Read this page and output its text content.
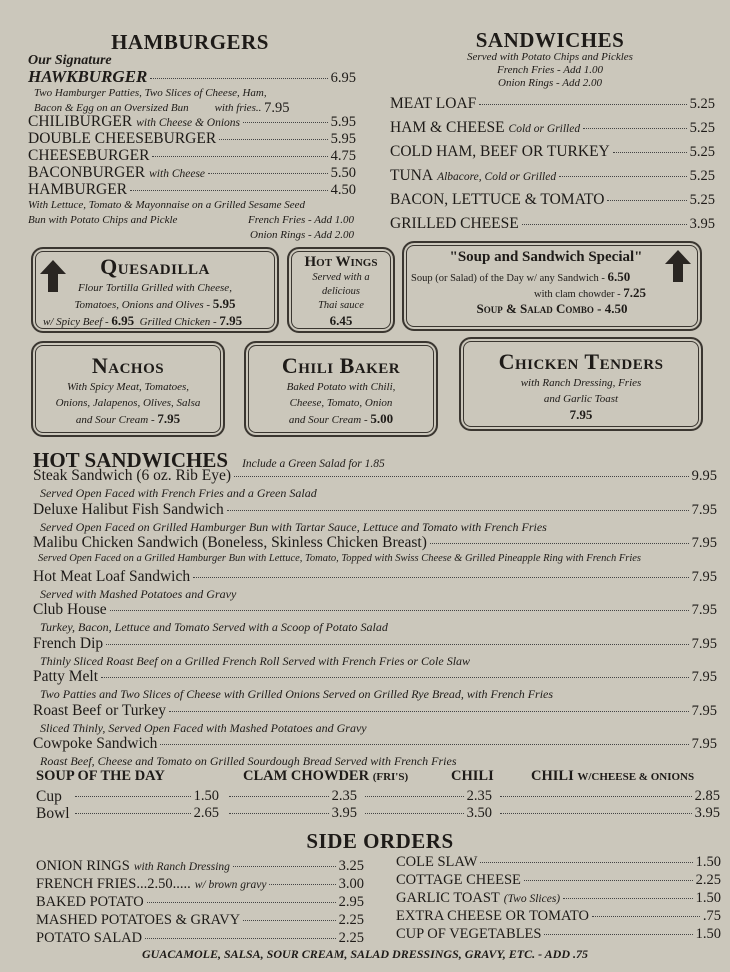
HAMBURGERS
Our Signature
HAWKBURGER	6.95
Two Hamburger Patties, Two Slices of Cheese, Ham,
Bacon & Egg on an Oversized Bun with fries .. 7.95
CHILIBURGER with Cheese & Onions	5.95
DOUBLE CHEESEBURGER	5.95
CHEESEBURGER	4.75
BACONBURGER with Cheese	5.50
HAMBURGER	4.50
With Lettuce, Tomato & Mayonnaise on a Grilled Sesame Seed
Bun with Potato Chips and Pickle	French Fries - Add 1.00
Onion Rings - Add 2.00
SANDWICHES
Served with Potato Chips and Pickles
French Fries - Add 1.00
Onion Rings - Add 2.00
MEAT LOAF	5.25
HAM & CHEESE Cold or Grilled	5.25
COLD HAM, BEEF OR TURKEY	5.25
TUNA Albacore, Cold or Grilled	5.25
BACON, LETTUCE & TOMATO	5.25
GRILLED CHEESE	3.95
Quesadilla
Flour Tortilla Grilled with Cheese,
Tomatoes, Onions and Olives - 5.95
w/ Spicy Beef - 6.95 Grilled Chicken - 7.95
Hot Wings
Served with a
delicious
Thai sauce
6.45
"Soup and Sandwich Special"
Soup (or Salad) of the Day w/ any Sandwich - 6.50
with clam chowder - 7.25
Soup & Salad Combo - 4.50
Nachos
With Spicy Meat, Tomatoes,
Onions, Jalapenos, Olives, Salsa
and Sour Cream - 7.95
Chili Baker
Baked Potato with Chili,
Cheese, Tomato, Onion
and Sour Cream - 5.00
Chicken Tenders
with Ranch Dressing, Fries
and Garlic Toast
7.95
HOT SANDWICHES Include a Green Salad for 1.85
Steak Sandwich (6 oz. Rib Eye)	9.95
Served Open Faced with French Fries and a Green Salad
Deluxe Halibut Fish Sandwich	7.95
Served Open Faced on Grilled Hamburger Bun with Tartar Sauce, Lettuce and Tomato with French Fries
Malibu Chicken Sandwich (Boneless, Skinless Chicken Breast)	7.95
Served Open Faced on a Grilled Hamburger Bun with Lettuce, Tomato, Topped with Swiss Cheese & Grilled Pineapple Ring with French Fries
Hot Meat Loaf Sandwich	7.95
Served with Mashed Potatoes and Gravy
Club House	7.95
Turkey, Bacon, Lettuce and Tomato Served with a Scoop of Potato Salad
French Dip	7.95
Thinly Sliced Roast Beef on a Grilled French Roll Served with French Fries or Cole Slaw
Patty Melt	7.95
Two Patties and Two Slices of Cheese with Grilled Onions Served on Grilled Rye Bread, with French Fries
Roast Beef or Turkey	7.95
Sliced Thinly, Served Open Faced with Mashed Potatoes and Gravy
Cowpoke Sandwich	7.95
Roast Beef, Cheese and Tomato on Grilled Sourdough Bread Served with French Fries
SOUP OF THE DAY	CLAM CHOWDER (FRI'S)	CHILI	CHILI W/CHEESE & ONIONS
Cup	1.50	2.35	2.35	2.85
Bowl	2.65	3.95	3.50	3.95
SIDE ORDERS
ONION RINGS with Ranch Dressing	3.25
FRENCH FRIES...2.50..... w/ brown gravy	3.00
BAKED POTATO	2.95
MASHED POTATOES & GRAVY	2.25
POTATO SALAD	2.25
COLE SLAW	1.50
COTTAGE CHEESE	2.25
GARLIC TOAST (Two Slices)	1.50
EXTRA CHEESE OR TOMATO	.75
CUP OF VEGETABLES	1.50
GUACAMOLE, SALSA, SOUR CREAM, SALAD DRESSINGS, GRAVY, ETC. - ADD .75
